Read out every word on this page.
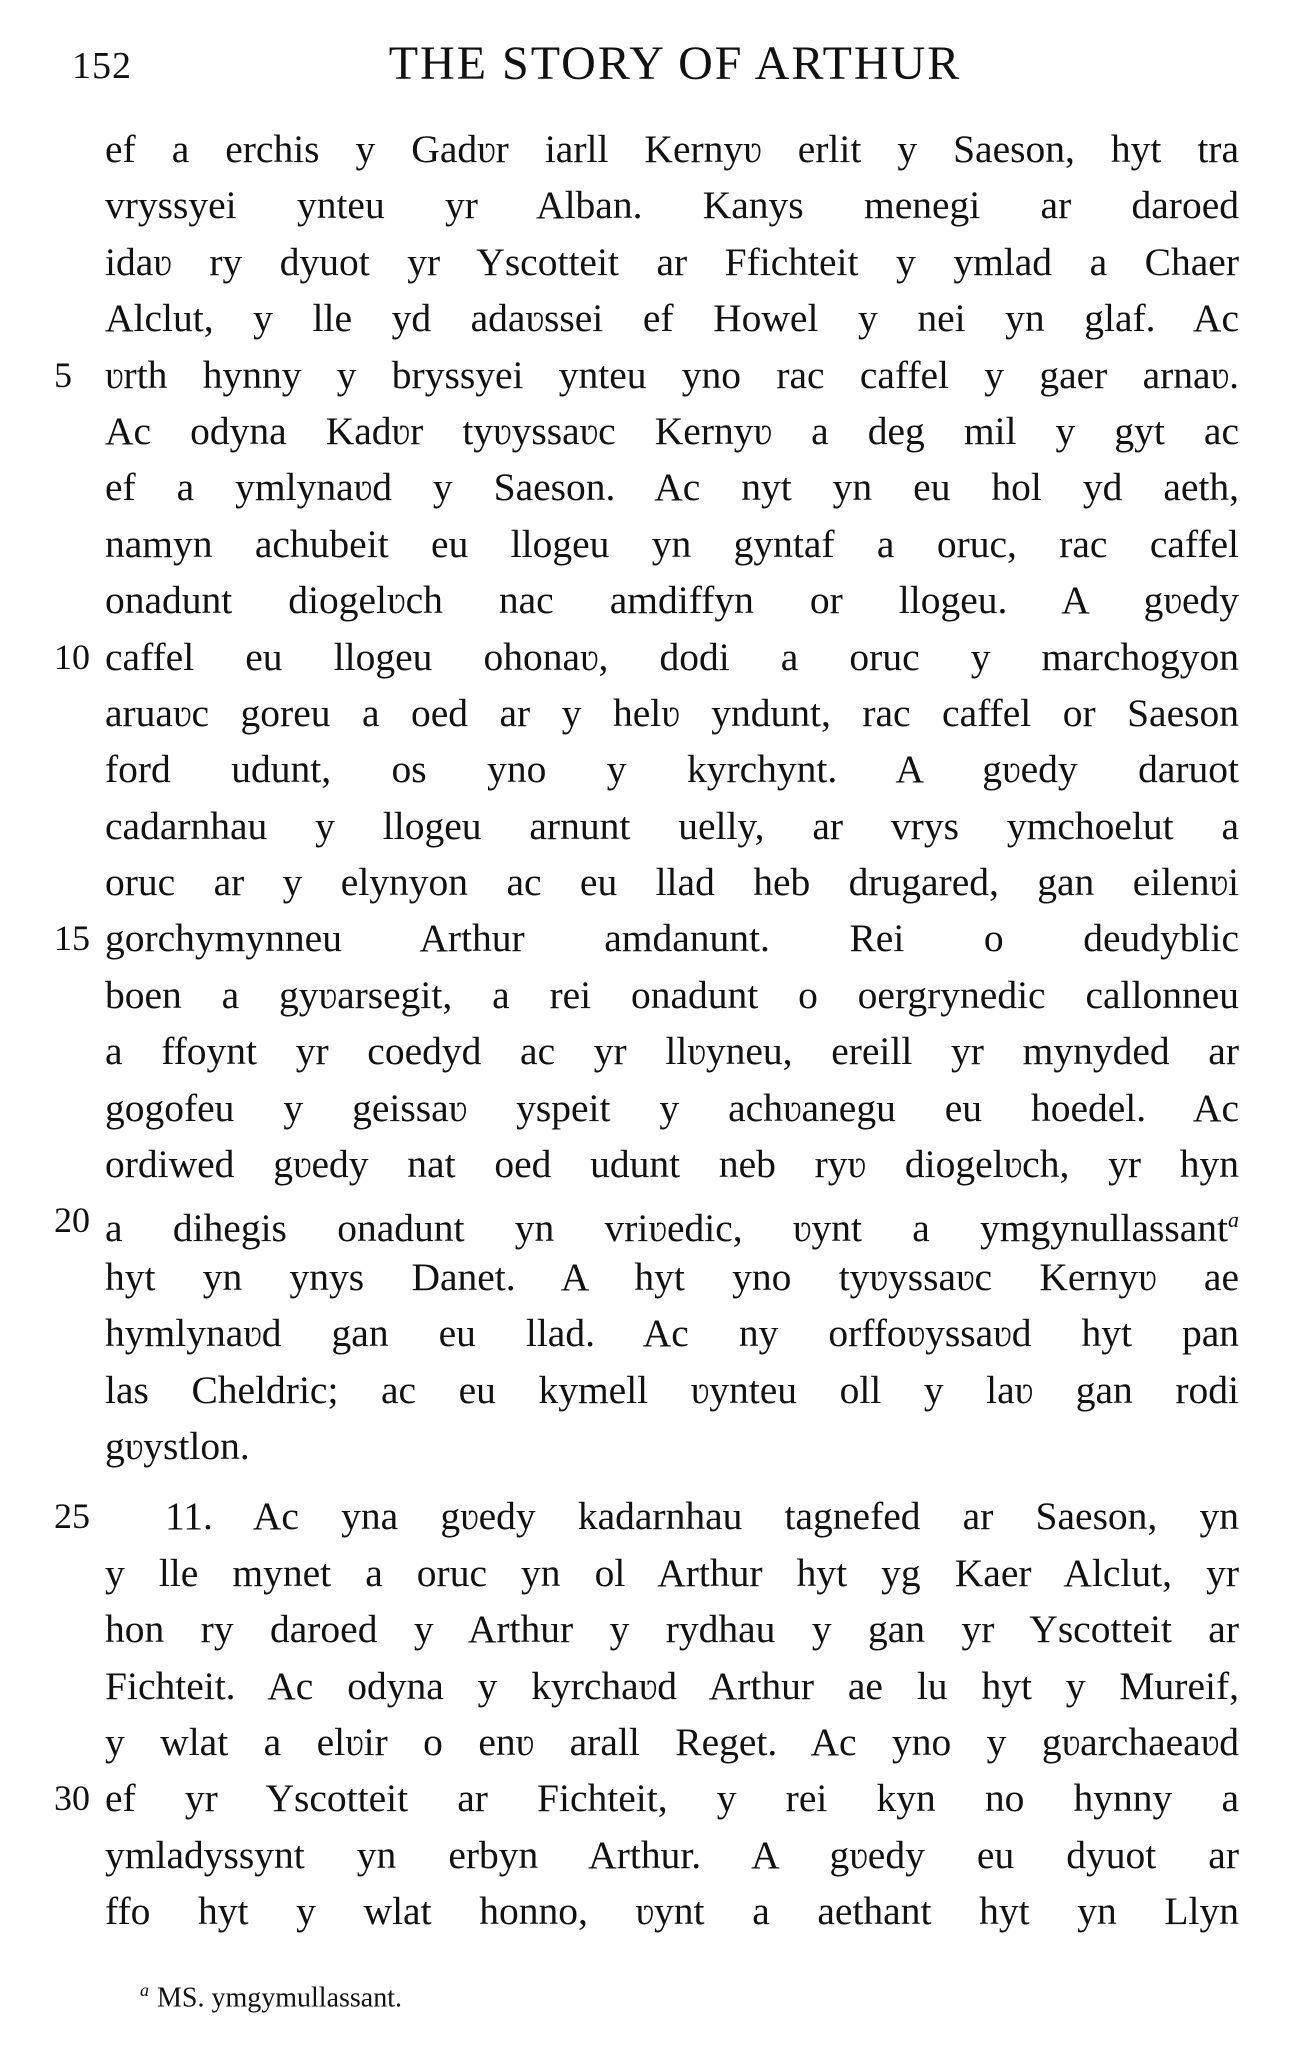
152	THE STORY OF ARTHUR
ef a erchis y Gadʋr iarll Kernyʋ erlit y Saeson, hyt tra
vryssyei ynteu yr Alban. Kanys menegi ar daroed
idaʋ ry dyuot yr Yscotteit ar Ffichteit y ymlad a Chaer
Alclut, y lle yd adaʋssei ef Howel y nei yn glaf. Ac
5 ʋrth hynny y bryssyei ynteu yno rac caffel y gaer arnaʋ.
Ac odyna Kadʋr tyʋyssaʋc Kernyʋ a deg mil y gyt ac
ef a ymlynaʋd y Saeson. Ac nyt yn eu hol yd aeth,
namyn achubeit eu llogeu yn gyntaf a oruc, rac caffel
onadunt diogelʋch nac amdiffyn or llogeu. A gʋedy
10 caffel eu llogeu ohonaʋ, dodi a oruc y marchogyon
aruaʋc goreu a oed ar y helʋ yndunt, rac caffel or Saeson
ford udunt, os yno y kyrchynt. A gʋedy daruot
cadarnhau y llogeu arnunt uelly, ar vrys ymchoelut a
oruc ar y elynyon ac eu llad heb drugared, gan eilenʋi
15 gorchymynneu Arthur amdanunt. Rei o deudyblic
boen a gyʋarsegit, a rei onadunt o oergrynedic callonneu
a ffoynt yr coedyd ac yr llʋyneu, ereill yr mynyded ar
gogofeu y geissaʋ yspeit y achʋanegu eu hoedel. Ac
ordiwed gʋedy nat oed udunt neb ryʋ diogelʋch, yr hyn
20 a dihegis onadunt yn vriʋedic, ʋynt a ymgynullassant$^a$
hyt yn ynys Danet. A hyt yno tyʋyssaʋc Kernyʋ ae
hymlynaʋd gan eu llad. Ac ny orffoʋyssaʋd hyt pan
las Cheldric; ac eu kymell ʋynteu oll y laʋ gan rodi
gʋystlon.
25	11. Ac yna gʋedy kadarnhau tagnefed ar Saeson, yn
y lle mynet a oruc yn ol Arthur hyt yg Kaer Alclut, yr
hon ry daroed y Arthur y rydhau y gan yr Yscotteit ar
Fichteit. Ac odyna y kyrchaʋd Arthur ae lu hyt y Mureif,
y wlat a elʋir o enʋ arall Reget. Ac yno y gʋarchaeaʋd
30 ef yr Yscotteit ar Fichteit, y rei kyn no hynny a
ymladyssynt yn erbyn Arthur. A gʋedy eu dyuot ar
ffo hyt y wlat honno, ʋynt a aethant hyt yn Llyn
$^a$ MS. ymgymullassant.
